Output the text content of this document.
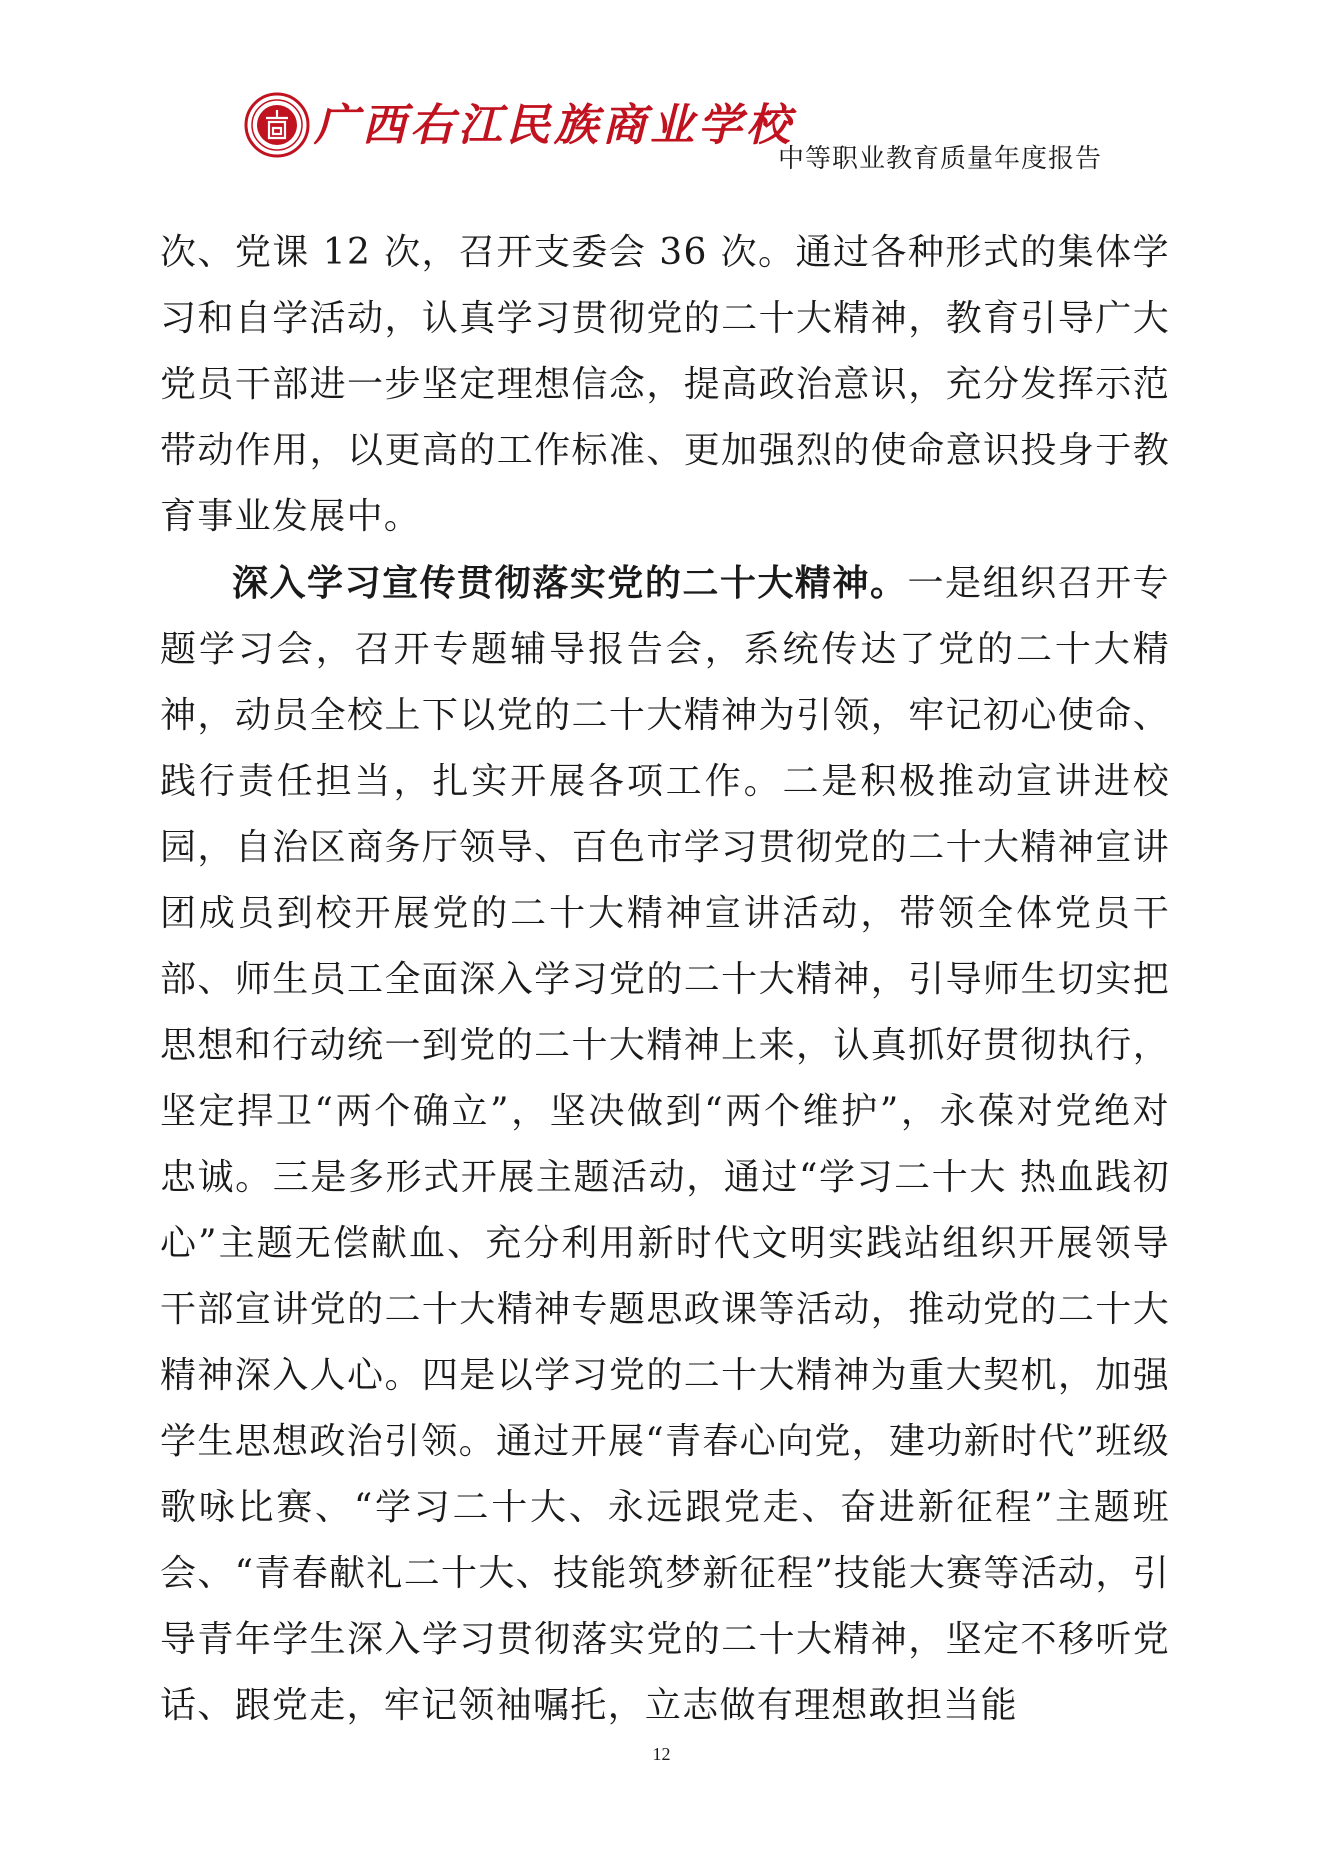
广西右江民族商业学校
中等职业教育质量年度报告

次、党课 12 次，召开支委会 36 次。通过各种形式的集体学习和自学活动，认真学习贯彻党的二十大精神，教育引导广大党员干部进一步坚定理想信念，提高政治意识，充分发挥示范带动作用，以更高的工作标准、更加强烈的使命意识投身于教育事业发展中。

深入学习宣传贯彻落实党的二十大精神。一是组织召开专题学习会，召开专题辅导报告会，系统传达了党的二十大精神，动员全校上下以党的二十大精神为引领，牢记初心使命、践行责任担当，扎实开展各项工作。二是积极推动宣讲进校园，自治区商务厅领导、百色市学习贯彻党的二十大精神宣讲团成员到校开展党的二十大精神宣讲活动，带领全体党员干部、师生员工全面深入学习党的二十大精神，引导师生切实把思想和行动统一到党的二十大精神上来，认真抓好贯彻执行，坚定捍卫“两个确立”，坚决做到“两个维护”，永葆对党绝对忠诚。三是多形式开展主题活动，通过“学习二十大 热血践初心”主题无偿献血、充分利用新时代文明实践站组织开展领导干部宣讲党的二十大精神专题思政课等活动，推动党的二十大精神深入人心。四是以学习党的二十大精神为重大契机，加强学生思想政治引领。通过开展“青春心向党，建功新时代”班级歌咏比赛、“学习二十大、永远跟党走、奋进新征程”主题班会、“青春献礼二十大、技能筑梦新征程”技能大赛等活动，引导青年学生深入学习贯彻落实党的二十大精神，坚定不移听党话、跟党走，牢记领袖嘱托，立志做有理想敢担当能

12
